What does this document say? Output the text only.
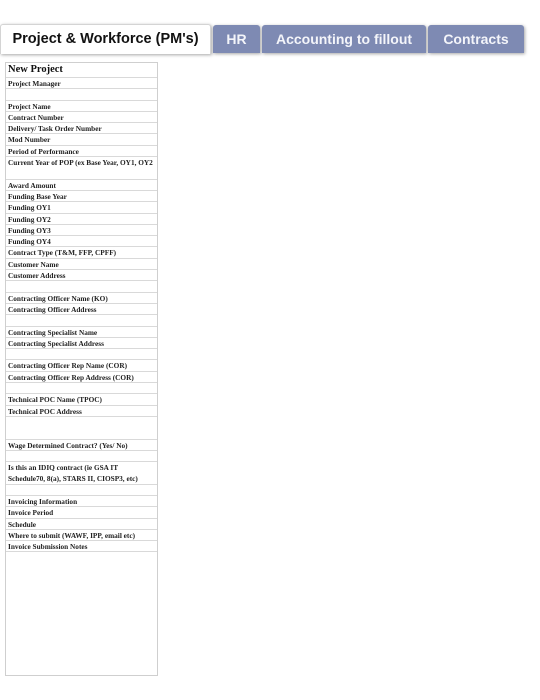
Project & Workforce (PM's)	HR	Accounting to fillout	Contracts
New Project
Project Manager
Project Name
Contract Number
Delivery/ Task Order Number
Mod Number
Period of Performance
Current Year of POP (ex Base Year, OY1, OY2
Award Amount
Funding Base Year
Funding OY1
Funding OY2
Funding OY3
Funding OY4
Contract Type (T&M, FFP, CPFF)
Customer Name
Customer Address
Contracting Officer Name (KO)
Contracting Officer Address
Contracting Specialist Name
Contracting Specialist Address
Contracting Officer Rep Name (COR)
Contracting Officer Rep Address (COR)
Technical POC Name (TPOC)
Technical POC Address
Wage Determined Contract? (Yes/ No)
Is this an IDIQ contract (ie GSA IT Schedule70, 8(a), STARS II, CIOSP3, etc)
Invoicing Information
Invoice Period
Schedule
Where to submit (WAWF, IPP, email etc)
Invoice Submission Notes
